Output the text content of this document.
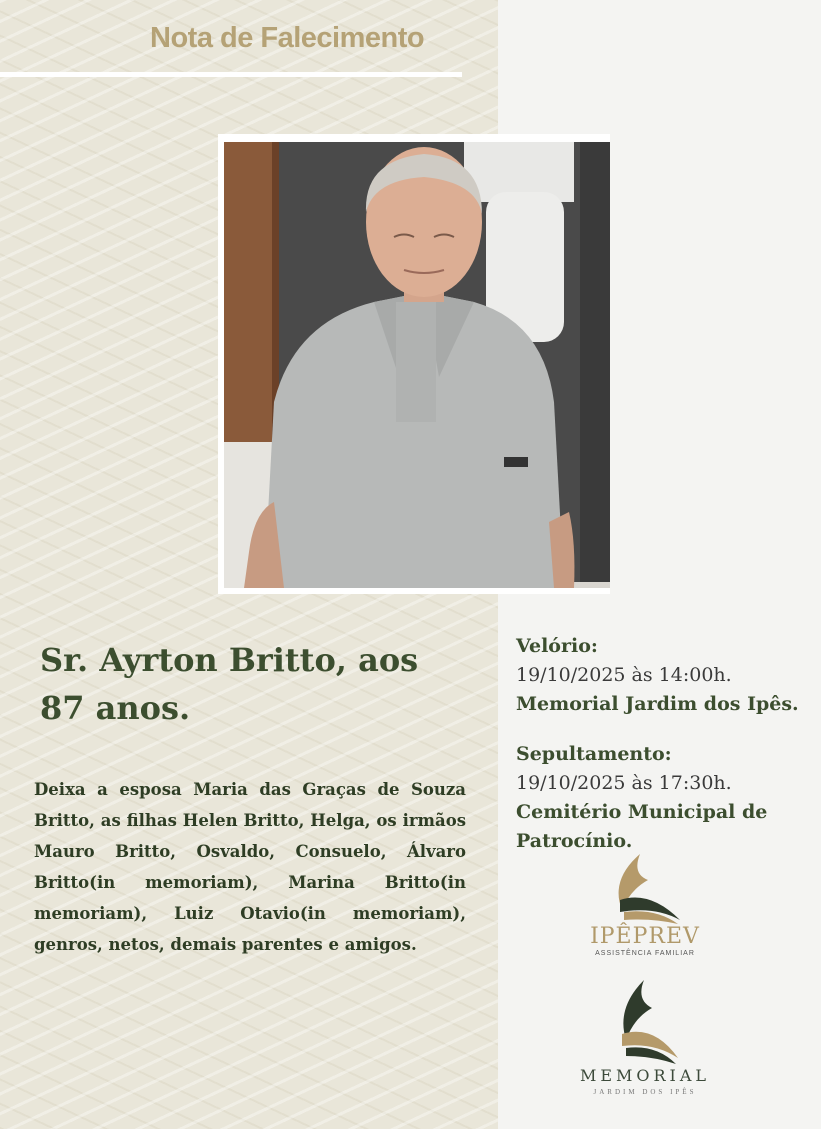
Nota de Falecimento
Sr. Ayrton Britto, aos 87 anos.

Deixa a esposa Maria das Graças de Souza Britto, as filhas Helen Britto, Helga, os irmãos Mauro Britto, Osvaldo, Consuelo, Álvaro Britto(in memoriam), Marina Britto(in memoriam), Luiz Otavio(in memoriam), genros, netos, demais parentes e amigos.

Velório:
19/10/2025 às 14:00h.
Memorial Jardim dos Ipês.
Sepultamento:
19/10/2025 às 17:30h.
Cemitério Municipal de Patrocínio.
IPÊPREV
ASSISTÊNCIA FAMILIAR
MEMORIAL
JARDIM DOS IPÊS
